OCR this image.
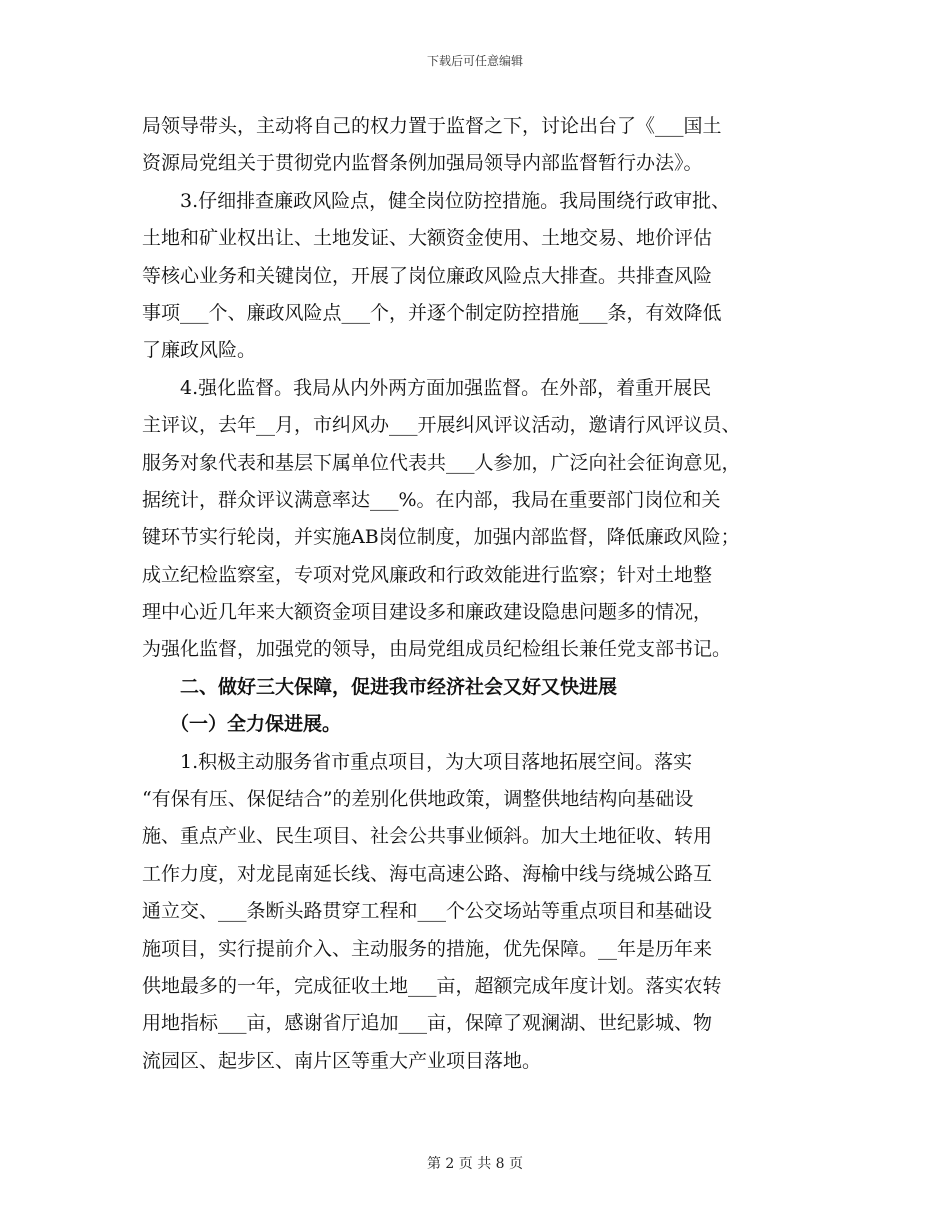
下载后可任意编辑
局领导带头，主动将自己的权力置于监督之下，讨论出台了《___国土
资源局党组关于贯彻党内监督条例加强局领导内部监督暂行办法》。
3.仔细排查廉政风险点，健全岗位防控措施。我局围绕行政审批、
土地和矿业权出让、土地发证、大额资金使用、土地交易、地价评估
等核心业务和关键岗位，开展了岗位廉政风险点大排查。共排查风险
事项___个、廉政风险点___个，并逐个制定防控措施___条，有效降低
了廉政风险。
4.强化监督。我局从内外两方面加强监督。在外部，着重开展民
主评议，去年__月，市纠风办___开展纠风评议活动，邀请行风评议员、
服务对象代表和基层下属单位代表共___人参加，广泛向社会征询意见，
据统计，群众评议满意率达___%。在内部，我局在重要部门岗位和关
键环节实行轮岗，并实施AB岗位制度，加强内部监督，降低廉政风险；
成立纪检监察室，专项对党风廉政和行政效能进行监察；针对土地整
理中心近几年来大额资金项目建设多和廉政建设隐患问题多的情况，
为强化监督，加强党的领导，由局党组成员纪检组长兼任党支部书记。
二、做好三大保障，促进我市经济社会又好又快进展
（一）全力保进展。
1.积极主动服务省市重点项目，为大项目落地拓展空间。落实
“有保有压、保促结合”的差别化供地政策，调整供地结构向基础设
施、重点产业、民生项目、社会公共事业倾斜。加大土地征收、转用
工作力度，对龙昆南延长线、海屯高速公路、海榆中线与绕城公路互
通立交、___条断头路贯穿工程和___个公交场站等重点项目和基础设
施项目，实行提前介入、主动服务的措施，优先保障。__年是历年来
供地最多的一年，完成征收土地___亩，超额完成年度计划。落实农转
用地指标___亩，感谢省厅追加___亩，保障了观澜湖、世纪影城、物
流园区、起步区、南片区等重大产业项目落地。
第 2 页 共 8 页
